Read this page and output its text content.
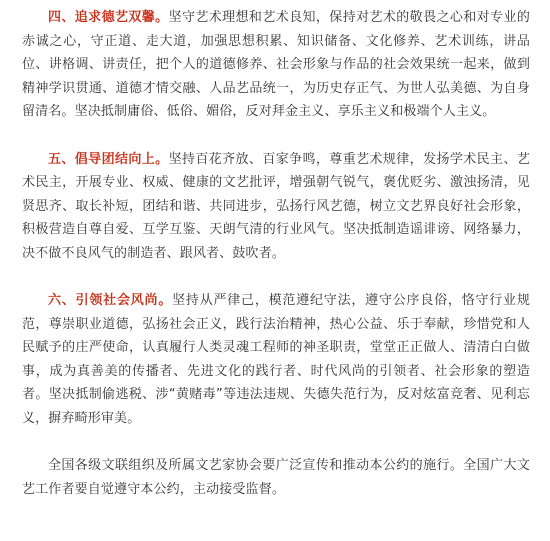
四、追求德艺双馨。坚守艺术理想和艺术良知，保持对艺术的敬畏之心和对专业的赤诚之心，守正道、走大道，加强思想积累、知识储备、文化修养、艺术训练，讲品位、讲格调、讲责任，把个人的道德修养、社会形象与作品的社会效果统一起来，做到精神学识贯通、道德才情交融、人品艺品统一，为历史存正气、为世人弘美德、为自身留清名。坚决抵制庸俗、低俗、媚俗，反对拜金主义、享乐主义和极端个人主义。

五、倡导团结向上。坚持百花齐放、百家争鸣，尊重艺术规律，发扬学术民主、艺术民主，开展专业、权威、健康的文艺批评，增强朝气锐气，褒优贬劣、激浊扬清，见贤思齐、取长补短，团结和谐、共同进步，弘扬行风艺德，树立文艺界良好社会形象，积极营造自尊自爱、互学互鉴、天朗气清的行业风气。坚决抵制造谣诽谤、网络暴力，决不做不良风气的制造者、跟风者、鼓吹者。

六、引领社会风尚。坚持从严律己，模范遵纪守法，遵守公序良俗，恪守行业规范，尊崇职业道德，弘扬社会正义，践行法治精神，热心公益、乐于奉献，珍惜党和人民赋予的庄严使命，认真履行人类灵魂工程师的神圣职责，堂堂正正做人、清清白白做事，成为真善美的传播者、先进文化的践行者、时代风尚的引领者、社会形象的塑造者。坚决抵制偷逃税、涉“黄赌毒”等违法违规、失德失范行为，反对炫富竞奢、见利忘义，摒弃畸形审美。

全国各级文联组织及所属文艺家协会要广泛宣传和推动本公约的施行。全国广大文艺工作者要自觉遵守本公约，主动接受监督。
